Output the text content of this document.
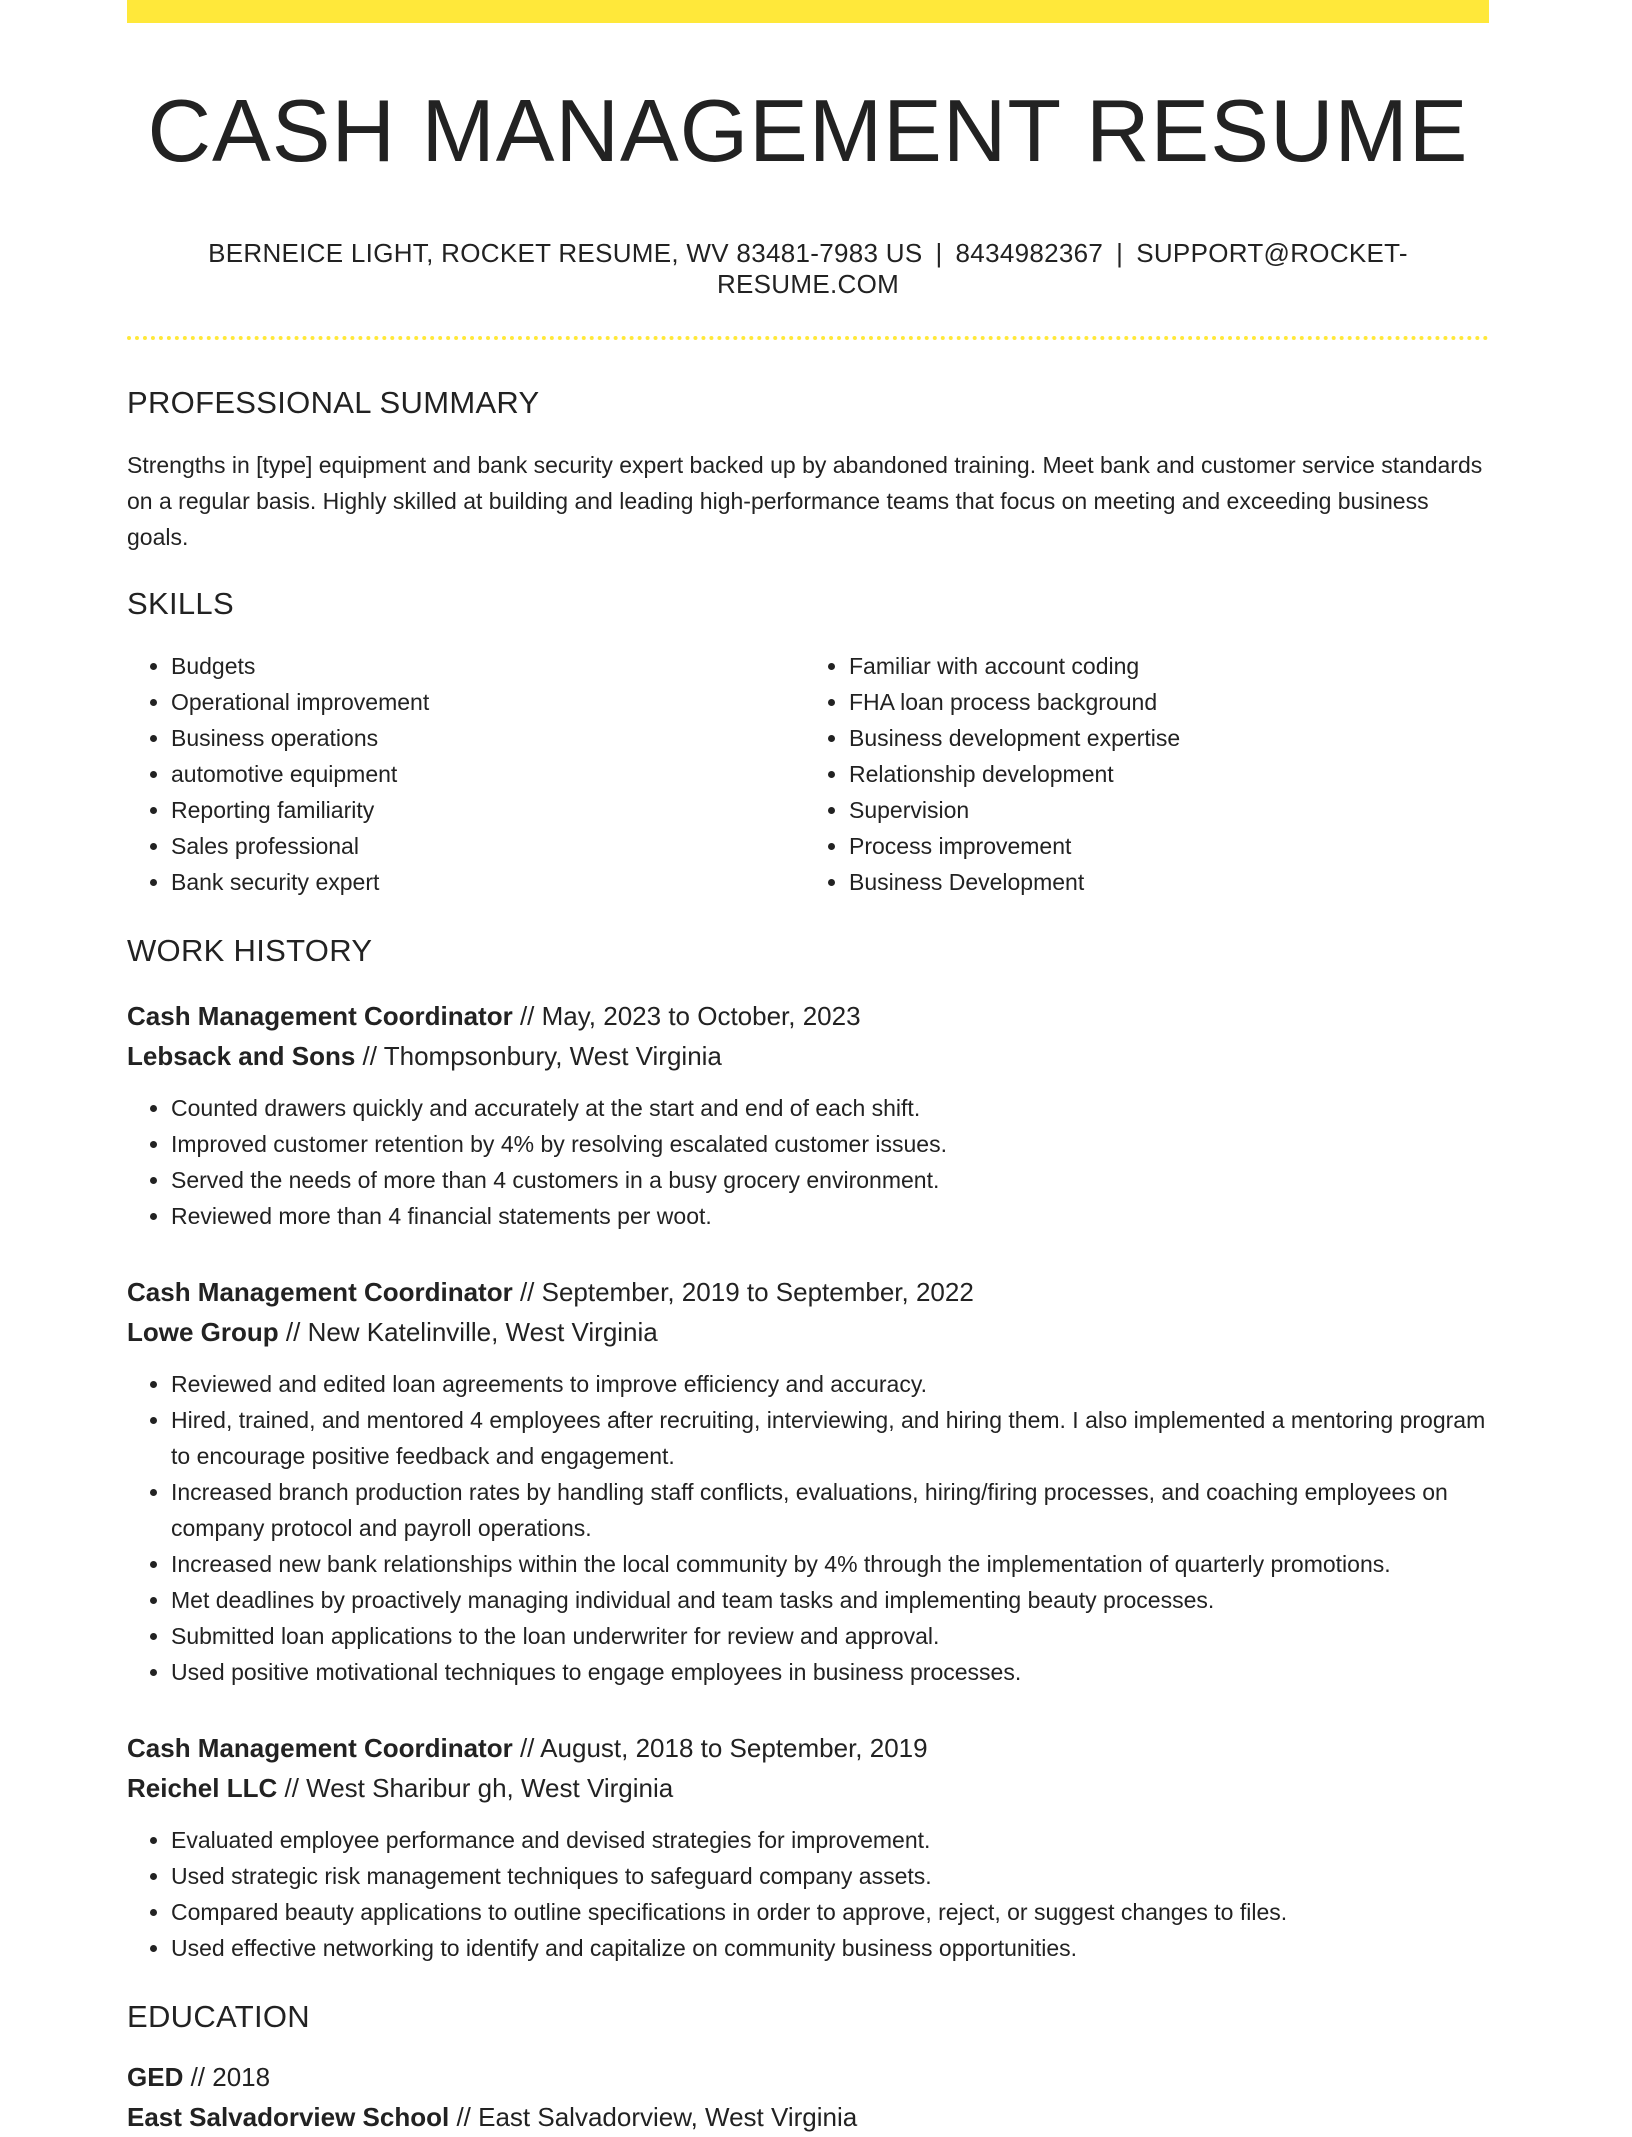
CASH MANAGEMENT RESUME
BERNEICE LIGHT, ROCKET RESUME, WV 83481-7983 US | 8434982367 | SUPPORT@ROCKET-RESUME.COM
PROFESSIONAL SUMMARY

Strengths in [type] equipment and bank security expert backed up by abandoned training. Meet bank and customer service standards on a regular basis. Highly skilled at building and leading high-performance teams that focus on meeting and exceeding business goals.

SKILLS
• Budgets
• Operational improvement
• Business operations
• automotive equipment
• Reporting familiarity
• Sales professional
• Bank security expert
• Familiar with account coding
• FHA loan process background
• Business development expertise
• Relationship development
• Supervision
• Process improvement
• Business Development
WORK HISTORY
Cash Management Coordinator // May, 2023 to October, 2023
Lebsack and Sons // Thompsonbury, West Virginia
• Counted drawers quickly and accurately at the start and end of each shift.
• Improved customer retention by 4% by resolving escalated customer issues.
• Served the needs of more than 4 customers in a busy grocery environment.
• Reviewed more than 4 financial statements per woot.
Cash Management Coordinator // September, 2019 to September, 2022
Lowe Group // New Katelinville, West Virginia
• Reviewed and edited loan agreements to improve efficiency and accuracy.
• Hired, trained, and mentored 4 employees after recruiting, interviewing, and hiring them. I also implemented a mentoring program to encourage positive feedback and engagement.
• Increased branch production rates by handling staff conflicts, evaluations, hiring/firing processes, and coaching employees on company protocol and payroll operations.
• Increased new bank relationships within the local community by 4% through the implementation of quarterly promotions.
• Met deadlines by proactively managing individual and team tasks and implementing beauty processes.
• Submitted loan applications to the loan underwriter for review and approval.
• Used positive motivational techniques to engage employees in business processes.
Cash Management Coordinator // August, 2018 to September, 2019
Reichel LLC // West Sharibur gh, West Virginia
• Evaluated employee performance and devised strategies for improvement.
• Used strategic risk management techniques to safeguard company assets.
• Compared beauty applications to outline specifications in order to approve, reject, or suggest changes to files.
• Used effective networking to identify and capitalize on community business opportunities.
EDUCATION
GED // 2018
East Salvadorview School // East Salvadorview, West Virginia
